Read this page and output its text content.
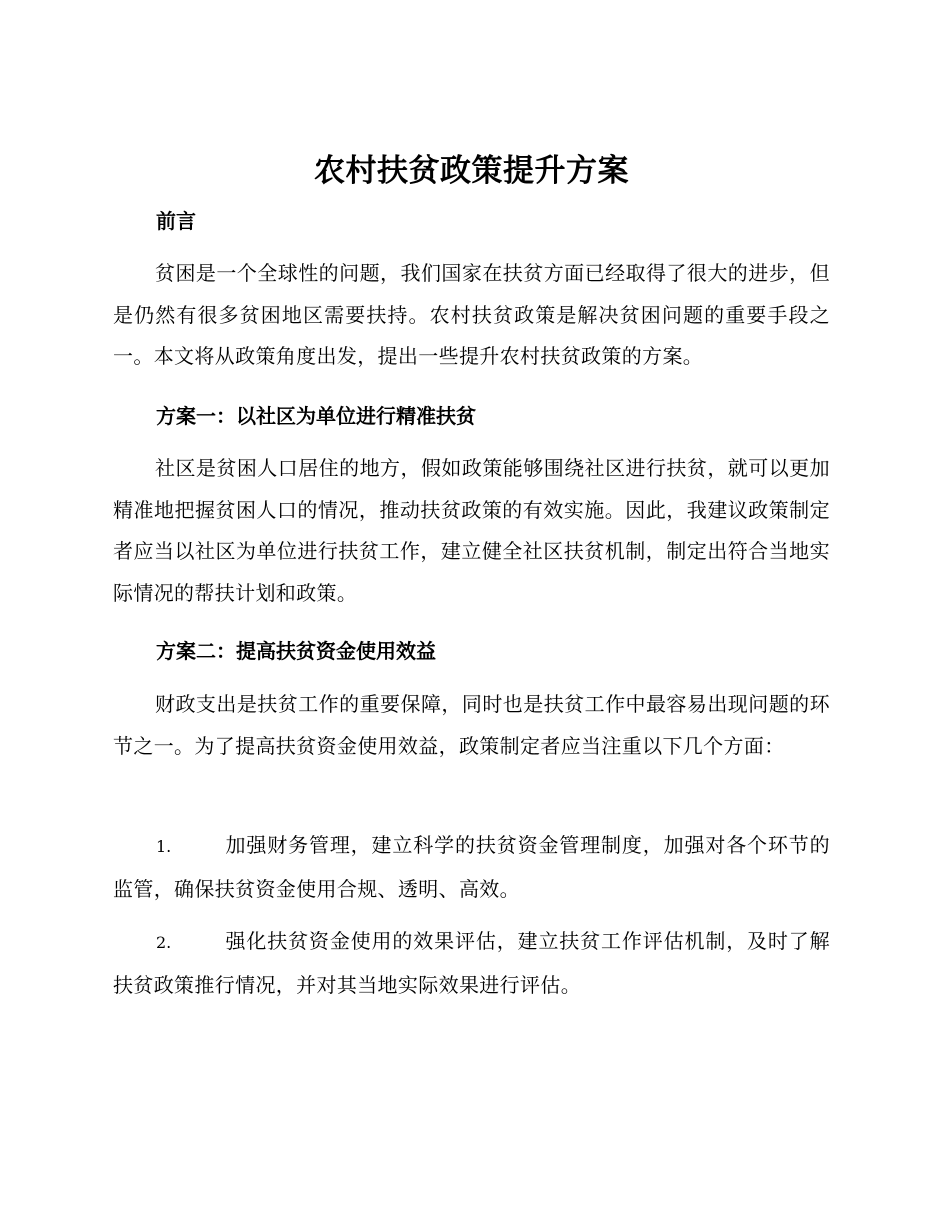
农村扶贫政策提升方案
前言
贫困是一个全球性的问题，我们国家在扶贫方面已经取得了很大的进步，但是仍然有很多贫困地区需要扶持。农村扶贫政策是解决贫困问题的重要手段之一。本文将从政策角度出发，提出一些提升农村扶贫政策的方案。
方案一：以社区为单位进行精准扶贫
社区是贫困人口居住的地方，假如政策能够围绕社区进行扶贫，就可以更加精准地把握贫困人口的情况，推动扶贫政策的有效实施。因此，我建议政策制定者应当以社区为单位进行扶贫工作，建立健全社区扶贫机制，制定出符合当地实际情况的帮扶计划和政策。
方案二：提高扶贫资金使用效益
财政支出是扶贫工作的重要保障，同时也是扶贫工作中最容易出现问题的环节之一。为了提高扶贫资金使用效益，政策制定者应当注重以下几个方面：
1.	加强财务管理，建立科学的扶贫资金管理制度，加强对各个环节的监管，确保扶贫资金使用合规、透明、高效。
2.	强化扶贫资金使用的效果评估，建立扶贫工作评估机制，及时了解扶贫政策推行情况，并对其当地实际效果进行评估。
